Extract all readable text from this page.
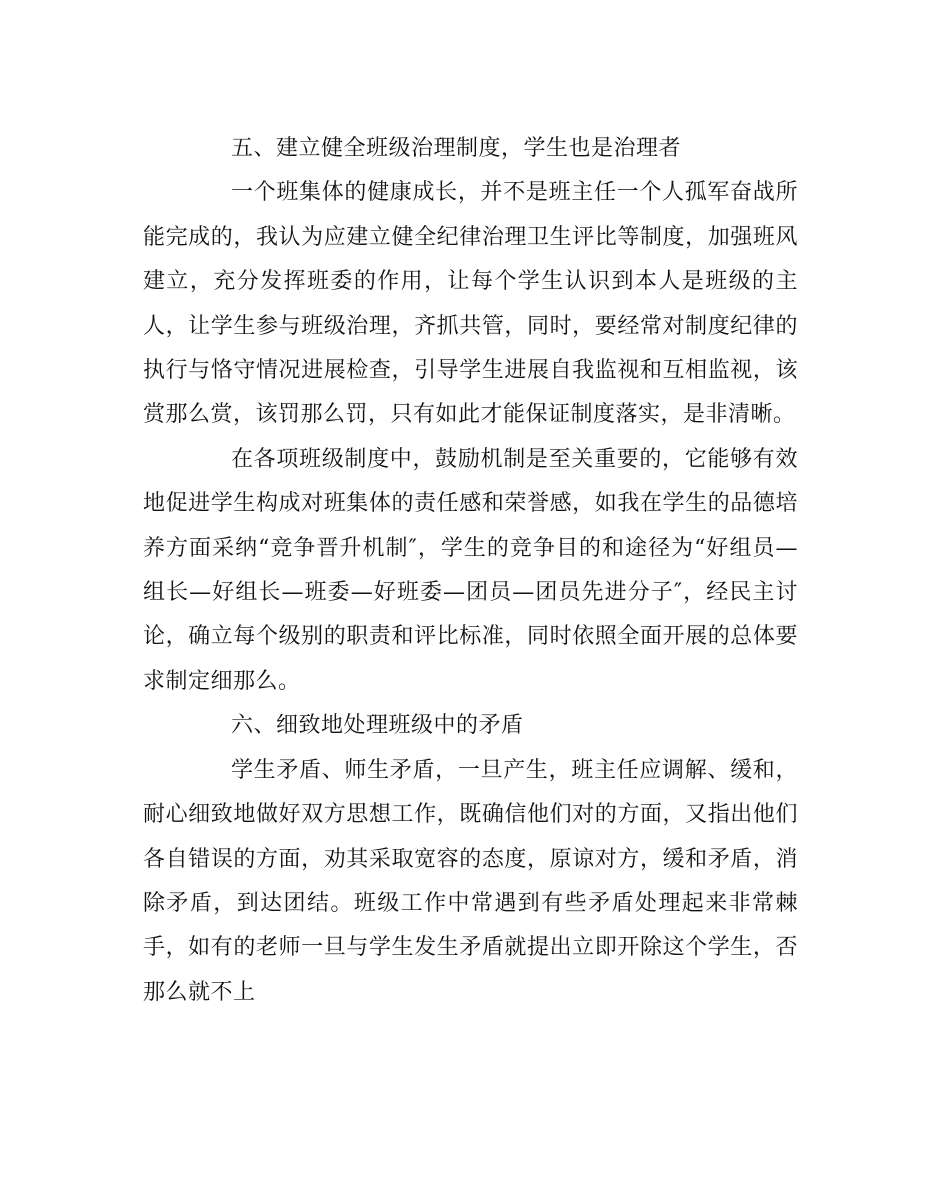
五、建立健全班级治理制度，学生也是治理者

一个班集体的健康成长，并不是班主任一个人孤军奋战所能完成的，我认为应建立健全纪律治理卫生评比等制度，加强班风建立，充分发挥班委的作用，让每个学生认识到本人是班级的主人，让学生参与班级治理，齐抓共管，同时，要经常对制度纪律的执行与恪守情况进展检查，引导学生进展自我监视和互相监视，该赏那么赏，该罚那么罚，只有如此才能保证制度落实，是非清晰。

在各项班级制度中，鼓励机制是至关重要的，它能够有效地促进学生构成对班集体的责任感和荣誉感，如我在学生的品德培养方面采纳“竞争晋升机制″，学生的竞争目的和途径为“好组员—组长—好组长—班委—好班委—团员—团员先进分子″，经民主讨论，确立每个级别的职责和评比标准，同时依照全面开展的总体要求制定细那么。

六、细致地处理班级中的矛盾

学生矛盾、师生矛盾，一旦产生，班主任应调解、缓和，耐心细致地做好双方思想工作，既确信他们对的方面，又指出他们各自错误的方面，劝其采取宽容的态度，原谅对方，缓和矛盾，消除矛盾，到达团结。班级工作中常遇到有些矛盾处理起来非常棘手，如有的老师一旦与学生发生矛盾就提出立即开除这个学生，否那么就不上
